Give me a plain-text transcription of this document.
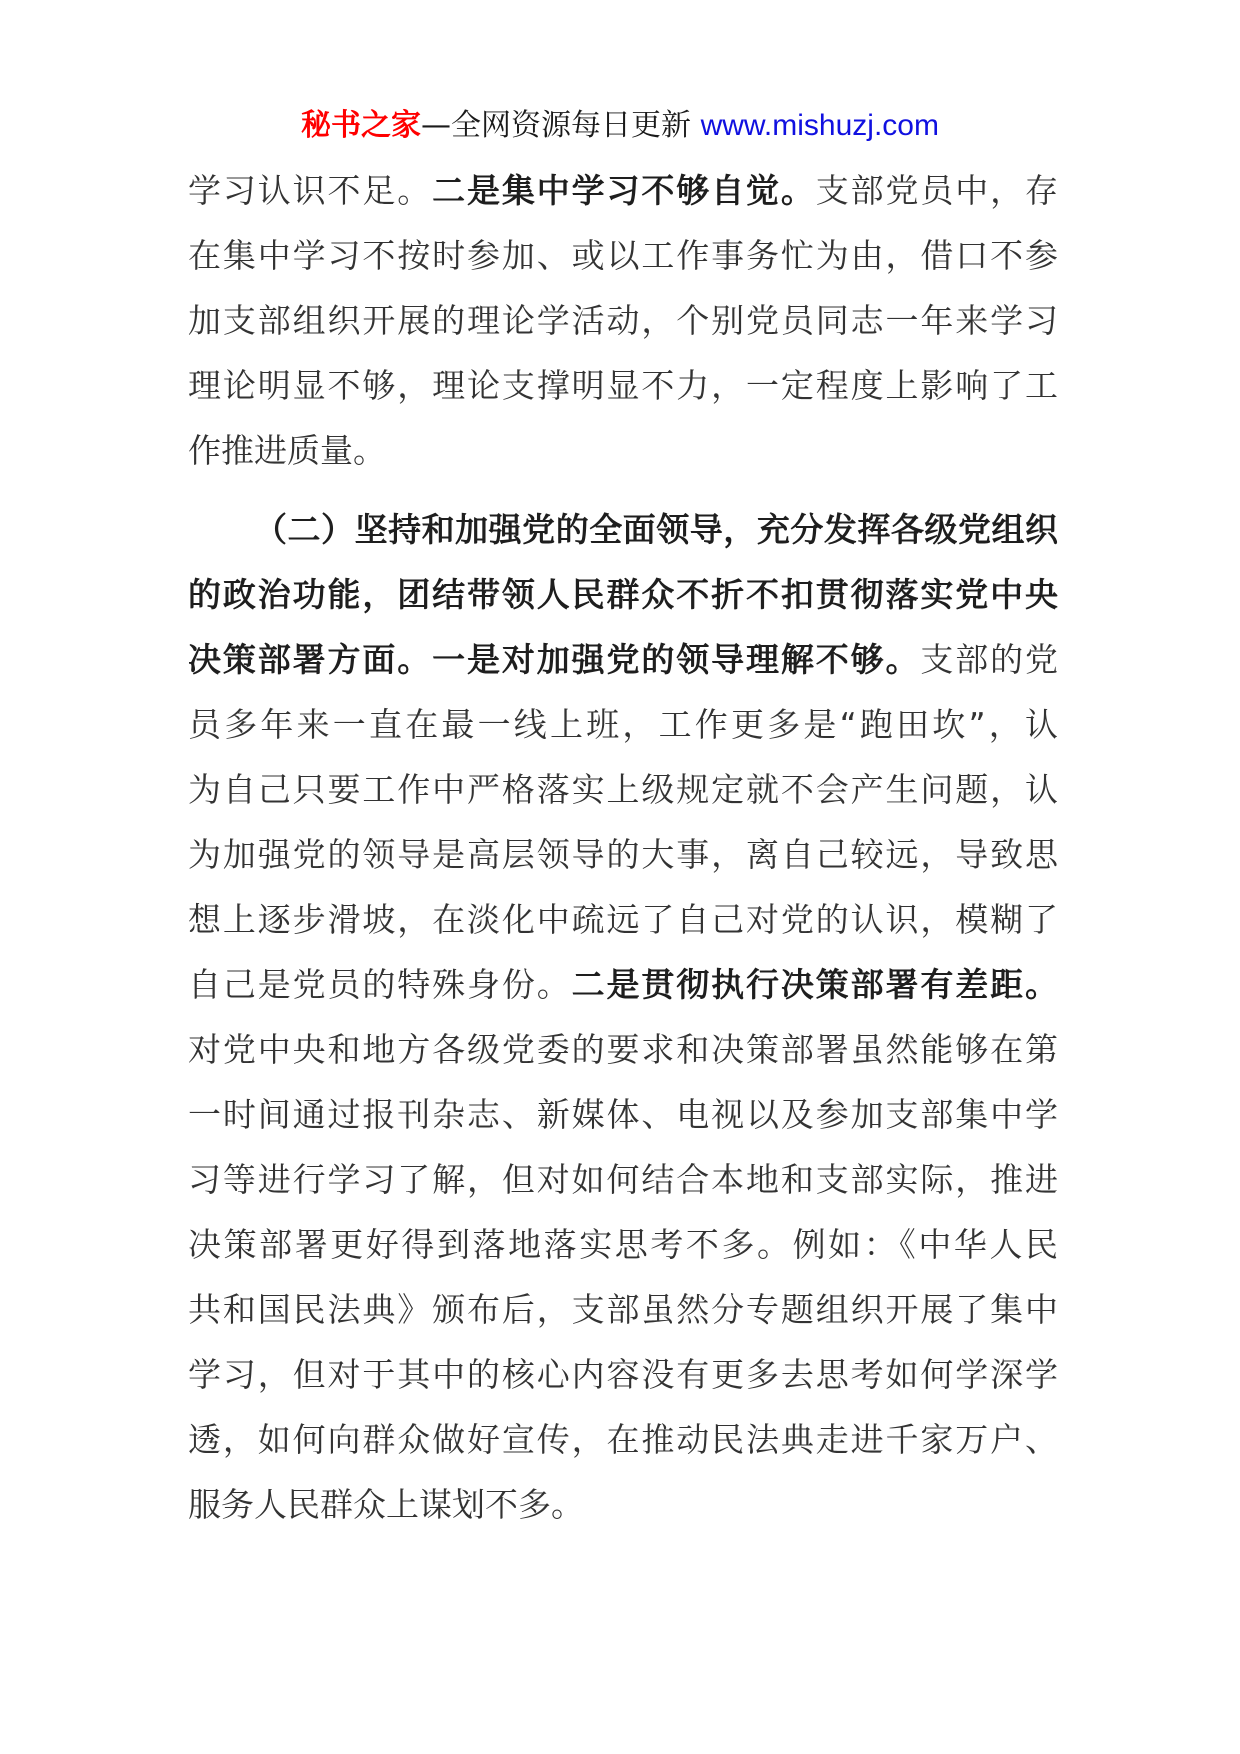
秘书之家—全网资源每日更新 www.mishuzj.com
学习认识不足。二是集中学习不够自觉。支部党员中，存
在集中学习不按时参加、或以工作事务忙为由，借口不参
加支部组织开展的理论学活动，个别党员同志一年来学习
理论明显不够，理论支撑明显不力，一定程度上影响了工
作推进质量。
（二）坚持和加强党的全面领导，充分发挥各级党组织
的政治功能，团结带领人民群众不折不扣贯彻落实党中央
决策部署方面。一是对加强党的领导理解不够。支部的党
员多年来一直在最一线上班，工作更多是“跑田坎”，认
为自己只要工作中严格落实上级规定就不会产生问题，认
为加强党的领导是高层领导的大事，离自己较远，导致思
想上逐步滑坡，在淡化中疏远了自己对党的认识，模糊了
自己是党员的特殊身份。二是贯彻执行决策部署有差距。
对党中央和地方各级党委的要求和决策部署虽然能够在第
一时间通过报刊杂志、新媒体、电视以及参加支部集中学
习等进行学习了解，但对如何结合本地和支部实际，推进
决策部署更好得到落地落实思考不多。例如：《中华人民
共和国民法典》颁布后，支部虽然分专题组织开展了集中
学习，但对于其中的核心内容没有更多去思考如何学深学
透，如何向群众做好宣传，在推动民法典走进千家万户、
服务人民群众上谋划不多。
